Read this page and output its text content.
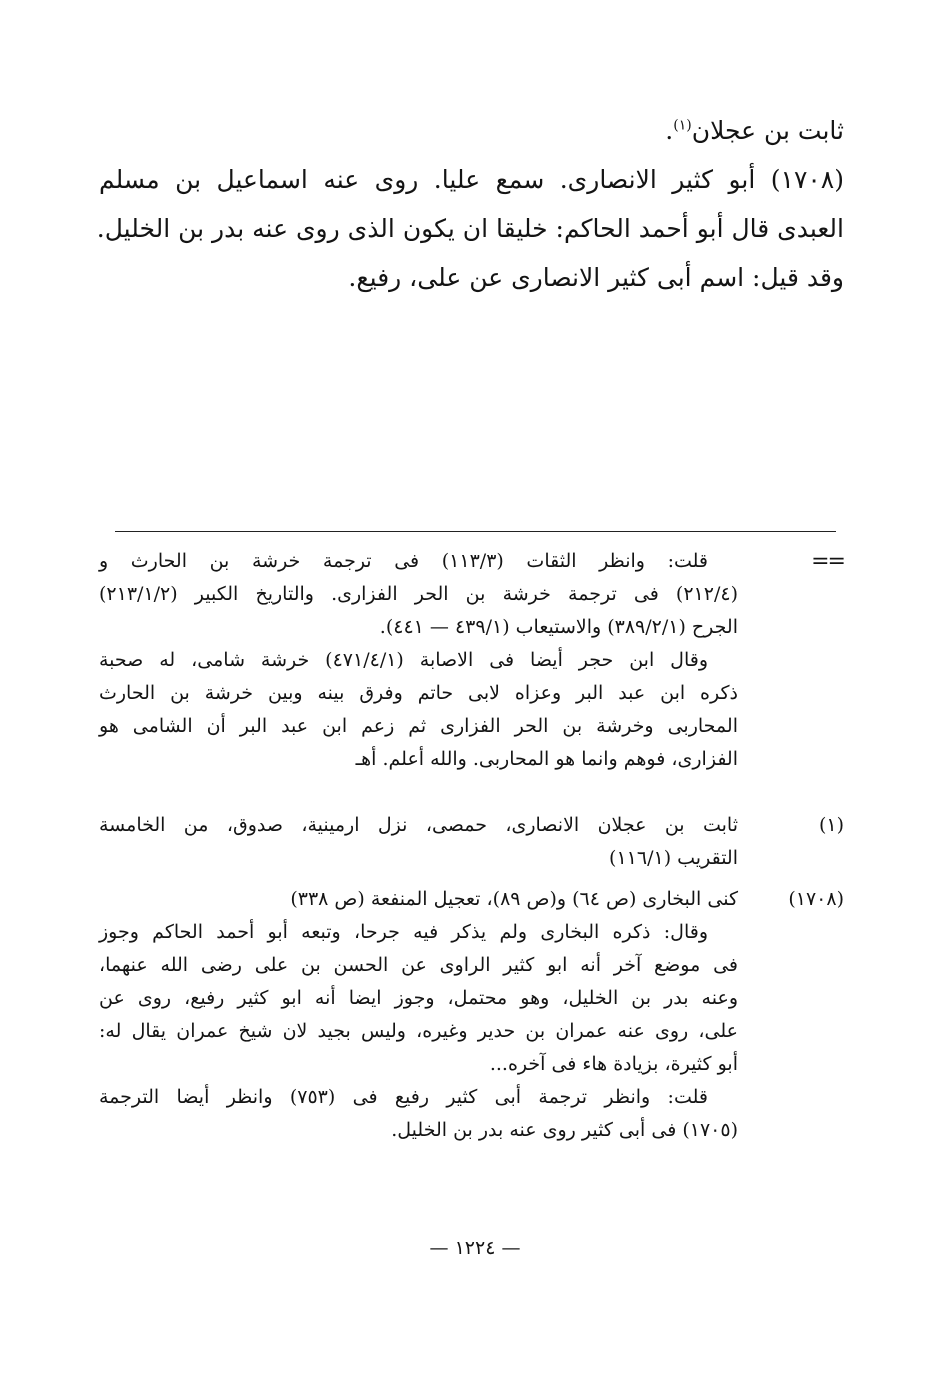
ثابت بن عجلان$^{(١)}$.
(١٧٠٨) أبو كثير الانصارى. سمع عليا. روى عنه اسماعيل بن مسلم
العبدى قال أبو أحمد الحاكم: خليقا ان يكون الذى روى عنه بدر بن الخليل.
وقد قيل: اسم أبى كثير الانصارى عن على، رفيع.
==
قلت: وانظر الثقات (١١٣/٣) فى ترجمة خرشة بن الحارث و
(٢١٢/٤) فى ترجمة خرشة بن الحر الفزارى. والتاريخ الكبير (٢١٣/١/٢)
الجرح (٣٨٩/٢/١) والاستيعاب (٤٣٩/١ — ٤٤١).
وقال ابن حجر أيضا فى الاصابة (٤٧١/٤/١) خرشة شامى، له صحبة
ذكره ابن عبد البر وعزاه لابى حاتم وفرق بينه وبين خرشة بن الحارث
المحاربى وخرشة بن الحر الفزارى ثم زعم ابن عبد البر أن الشامى هو
الفزارى، فوهم وانما هو المحاربى. والله أعلم. أهـ
(١)
ثابت بن عجلان الانصارى، حمصى، نزل ارمينية، صدوق، من الخامسة
التقريب (١١٦/١)
(١٧٠٨)
كنى البخارى (ص ٦٤) و(ص ٨٩)، تعجيل المنفعة (ص ٣٣٨)
وقال: ذكره البخارى ولم يذكر فيه جرحا، وتبعه أبو أحمد الحاكم وجوز
فى موضع آخر أنه ابو كثير الراوى عن الحسن بن على رضى الله عنهما،
وعنه بدر بن الخليل، وهو محتمل، وجوز ايضا أنه ابو كثير رفيع، روى عن
على، روى عنه عمران بن حدير وغيره، وليس بجيد لان شيخ عمران يقال له:
أبو كثيرة، بزيادة هاء فى آخره...
قلت: وانظر ترجمة أبى كثير رفيع فى (٧٥٣) وانظر أيضا الترجمة
(١٧٠٥) فى أبى كثير روى عنه بدر بن الخليل.
— ١٢٢٤ —
